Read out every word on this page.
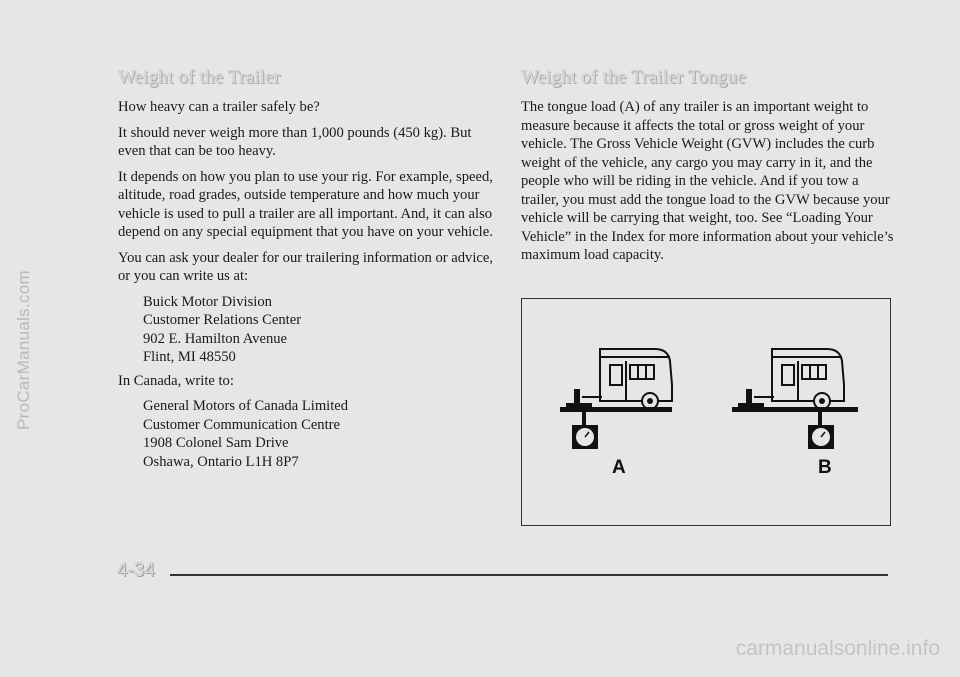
ProCarManuals.com
Weight of the Trailer	Weight of the Trailer Tongue

How heavy can a trailer safely be?

It should never weigh more than 1,000 pounds (450 kg). But even that can be too heavy.

It depends on how you plan to use your rig. For example, speed, altitude, road grades, outside temperature and how much your vehicle is used to pull a trailer are all important. And, it can also depend on any special equipment that you have on your vehicle.

You can ask your dealer for our trailering information or advice, or you can write us at:

Buick Motor Division
Customer Relations Center
902 E. Hamilton Avenue
Flint, MI 48550

In Canada, write to:

General Motors of Canada Limited
Customer Communication Centre
1908 Colonel Sam Drive
Oshawa, Ontario L1H 8P7

The tongue load (A) of any trailer is an important weight to measure because it affects the total or gross weight of your vehicle. The Gross Vehicle Weight (GVW) includes the curb weight of the vehicle, any cargo you may carry in it, and the people who will be riding in the vehicle. And if you tow a trailer, you must add the tongue load to the GVW because your vehicle will be carrying that weight, too. See “Loading Your Vehicle” in the Index for more information about your vehicle’s maximum load capacity.

A	B
4-34
carmanualsonline.info
